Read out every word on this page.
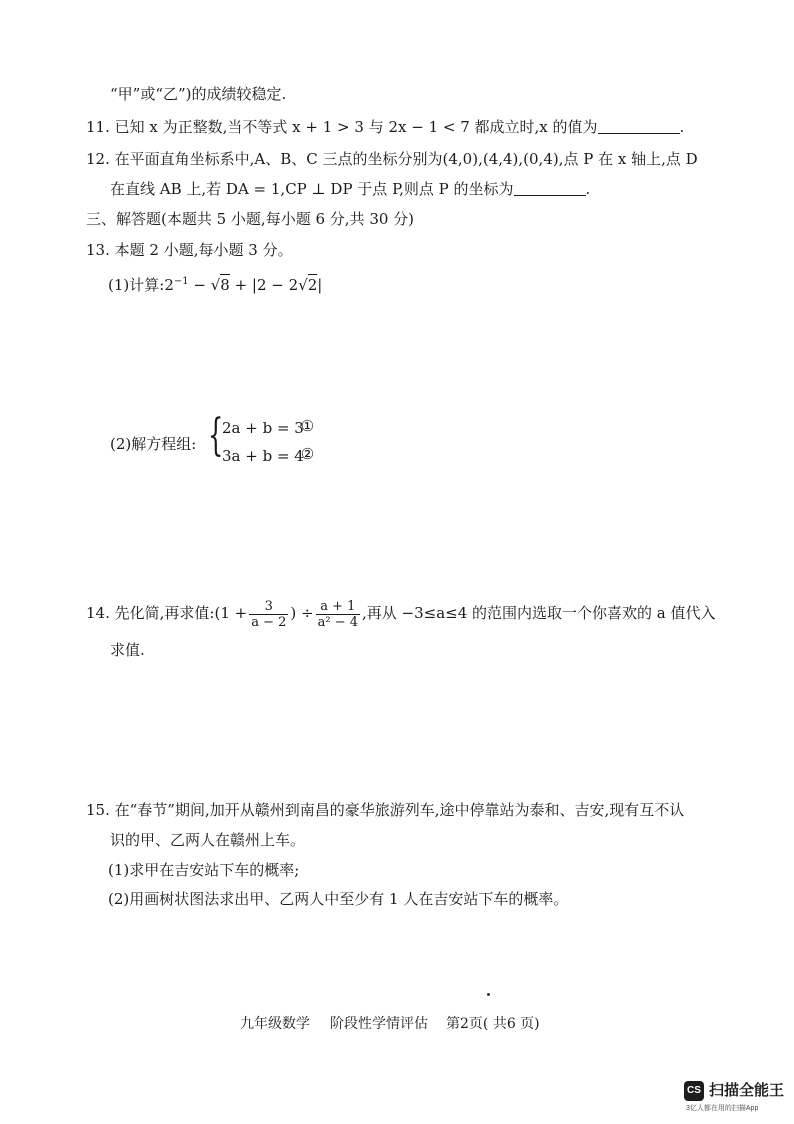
“甲”或“乙”)的成绩较稳定.
11. 已知 x 为正整数,当不等式 x + 1 > 3 与 2x − 1 < 7 都成立时,x 的值为	.
12. 在平面直角坐标系中,A、B、C 三点的坐标分别为(4,0),(4,4),(0,4),点 P 在 x 轴上,点 D
在直线 AB 上,若 DA = 1,CP ⊥ DP 于点 P,则点 P 的坐标为	.
三、解答题(本题共 5 小题,每小题 6 分,共 30 分)
13. 本题 2 小题,每小题 3 分。
(1)计算$:2^{-1} - √8 + |2 - 2√2|$
(2)解方程组: {
2a + b = 3
3a + b = 4
①
②
14. 先化简,再求值:(1 + $\frac{3}{a - 2}$ ) ÷ $\frac{a + 1}{\text{a² − 4}}$ ,再从 −3≤a≤4 的范围内选取一个你喜欢的 a 值代入
求值.
15. 在“春节”期间,加开从赣州到南昌的豪华旅游列车,途中停靠站为泰和、吉安,现有互不认
识的甲、乙两人在赣州上车。
(1)求甲在吉安站下车的概率;
(2)用画树状图法求出甲、乙两人中至少有 1 人在吉安站下车的概率。
九年级数学 阶段性学情评估 第2页( 共6 页)
CS 扫描全能王
3亿人都在用的扫描App
